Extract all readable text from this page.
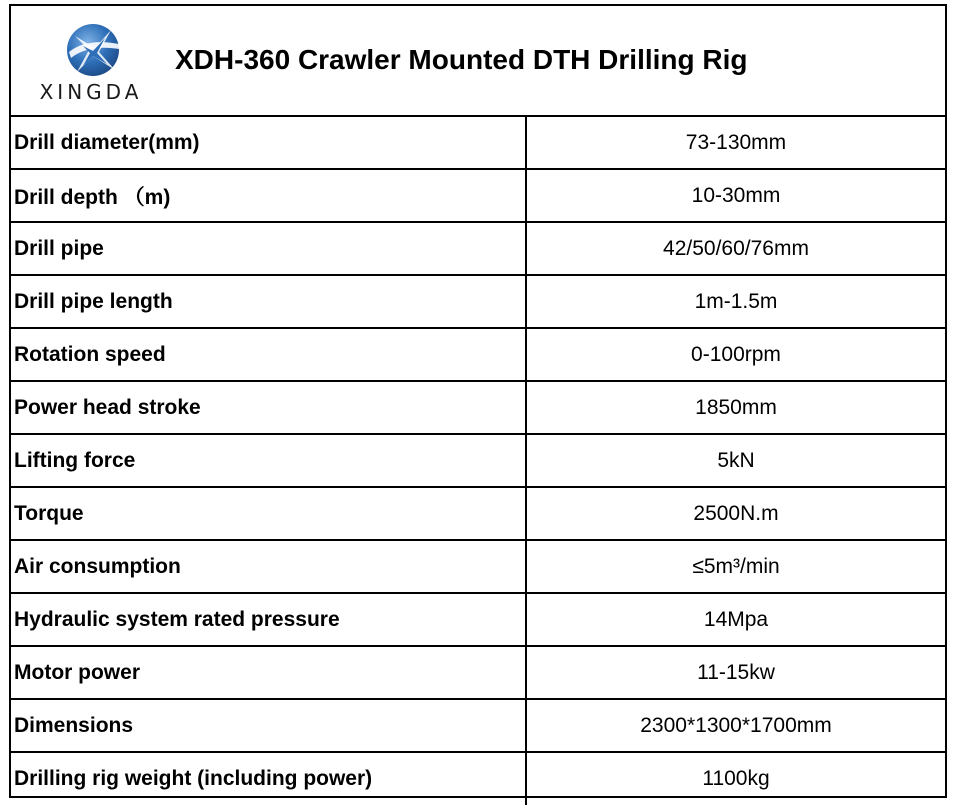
XINGDA
XDH-360 Crawler Mounted DTH Drilling Rig
Drill diameter(mm)	73-130mm
Drill depth （m)	10-30mm
Drill pipe	42/50/60/76mm
Drill pipe length	1m-1.5m
Rotation speed	0-100rpm
Power head stroke	1850mm
Lifting force	5kN
Torque	2500N.m
Air consumption	≤5m³/min
Hydraulic system rated pressure	14Mpa
Motor power	11-15kw
Dimensions	2300*1300*1700mm
Drilling rig weight (including power)	1100kg
